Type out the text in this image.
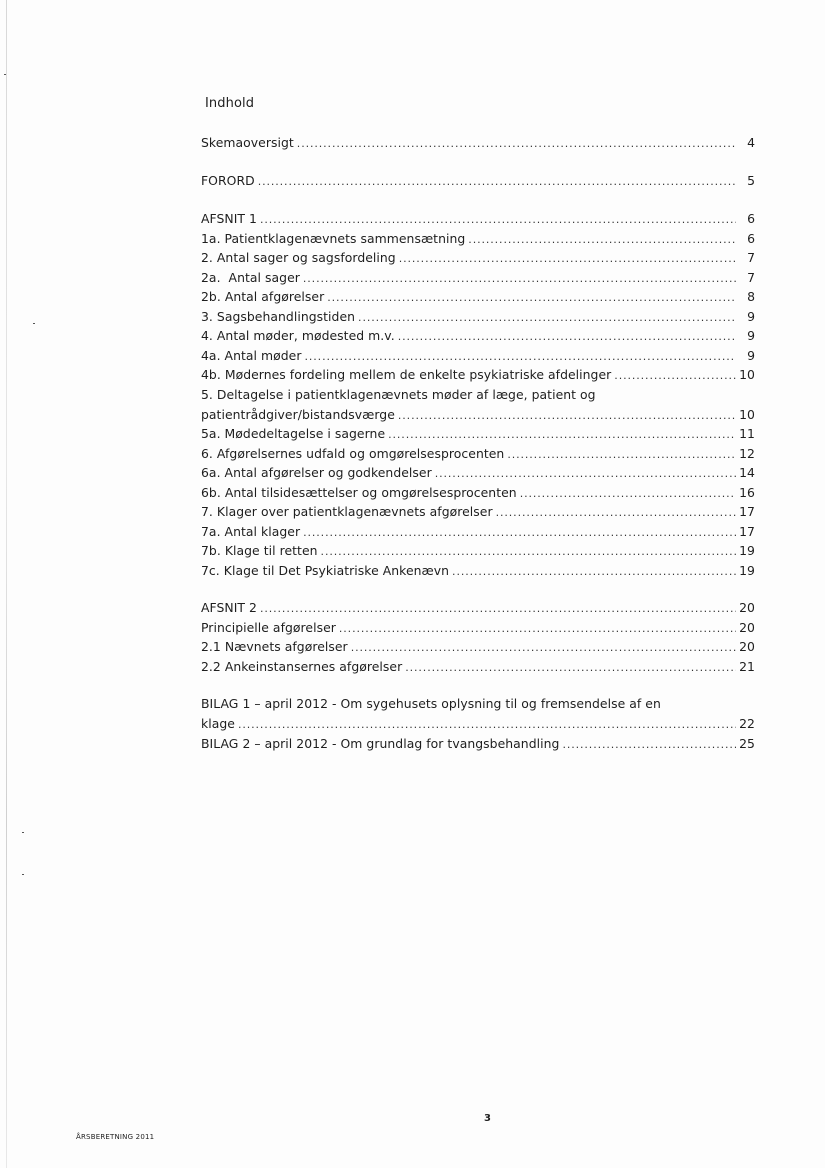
Indhold
Skemaoversigt . . .	4
FORORD . . .	5
AFSNIT 1 . . .	6
1a. Patientklagenævnets sammensætning . . .	6
2. Antal sager og sagsfordeling . . .	7
2a.  Antal sager . . .	7
2b. Antal afgørelser . . .	8
3. Sagsbehandlingstiden . . .	9
4. Antal møder, mødested m.v. . . .	9
4a. Antal møder . . .	9
4b. Mødernes fordeling mellem de enkelte psykiatriske afdelinger . . .	10
5. Deltagelse i patientklagenævnets møder af læge, patient og
patientrådgiver/bistandsværge . . .	10
5a. Mødedeltagelse i sagerne . . .	11
6. Afgørelsernes udfald og omgørelsesprocenten . . .	12
6a. Antal afgørelser og godkendelser . . .	14
6b. Antal tilsidesættelser og omgørelsesprocenten . . .	16
7. Klager over patientklagenævnets afgørelser . . .	17
7a. Antal klager . . .	17
7b. Klage til retten . . .	19
7c. Klage til Det Psykiatriske Ankenævn . . .	19
AFSNIT 2 . . .	20
Principielle afgørelser . . .	20
2.1 Nævnets afgørelser . . .	20
2.2 Ankeinstansernes afgørelser . . .	21
BILAG 1 – april 2012 - Om sygehusets oplysning til og fremsendelse af en
klage . . .	22
BILAG 2 – april 2012 - Om grundlag for tvangsbehandling . . .	25
3
ÅRSBERETNING 2011
